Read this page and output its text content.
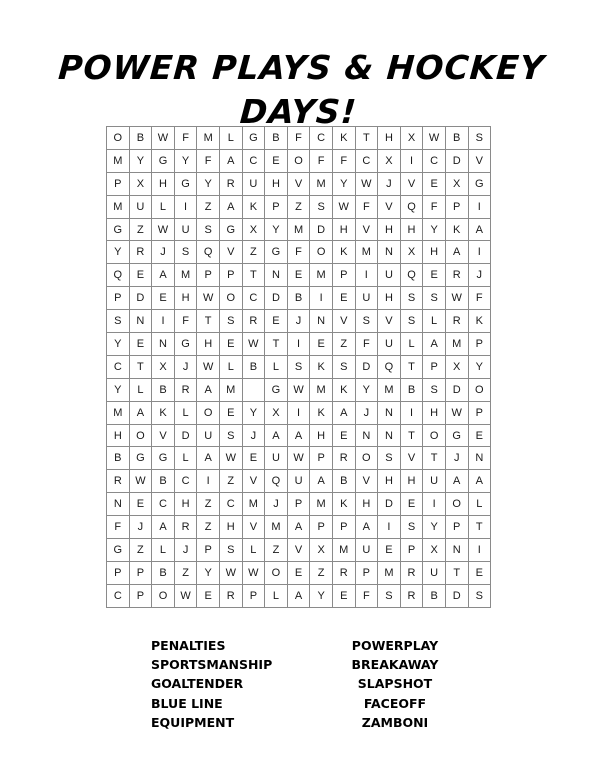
POWER PLAYS & HOCKEY DAYS!
O	B	W	F	M	L	G	B	F	C	K	T	H	X	W	B	S
M	Y	G	Y	F	A	C	E	O	F	F	C	X	I	C	D	V
P	X	H	G	Y	R	U	H	V	M	Y	W	J	V	E	X	G
M	U	L	I	Z	A	K	P	Z	S	W	F	V	Q	F	P	I
G	Z	W	U	S	G	X	Y	M	D	H	V	H	H	Y	K	A
Y	R	J	S	Q	V	Z	G	F	O	K	M	N	X	H	A	I
Q	E	A	M	P	P	T	N	E	M	P	I	U	Q	E	R	J
P	D	E	H	W	O	C	D	B	I	E	U	H	S	S	W	F
S	N	I	F	T	S	R	E	J	N	V	S	V	S	L	R	K
Y	E	N	G	H	E	W	T	I	E	Z	F	U	L	A	M	P
C	T	X	J	W	L	B	L	S	K	S	D	Q	T	P	X	Y
Y	L	B	R	A	M		G	W	M	K	Y	M	B	S	D	O
M	A	K	L	O	E	Y	X	I	K	A	J	N	I	H	W	P
H	O	V	D	U	S	J	A	A	H	E	N	N	T	O	G	E
B	G	G	L	A	W	E	U	W	P	R	O	S	V	T	J	N
R	W	B	C	I	Z	V	Q	U	A	B	V	H	H	U	A	A
N	E	C	H	Z	C	M	J	P	M	K	H	D	E	I	O	L
F	J	A	R	Z	H	V	M	A	P	P	A	I	S	Y	P	T
G	Z	L	J	P	S	L	Z	V	X	M	U	E	P	X	N	I
P	P	B	Z	Y	W	W	O	E	Z	R	P	M	R	U	T	E
C	P	O	W	E	R	P	L	A	Y	E	F	S	R	B	D	S
PENALTIES
SPORTSMANSHIP
GOALTENDER
BLUE LINE
EQUIPMENT
POWERPLAY
BREAKAWAY
SLAPSHOT
FACEOFF
ZAMBONI
